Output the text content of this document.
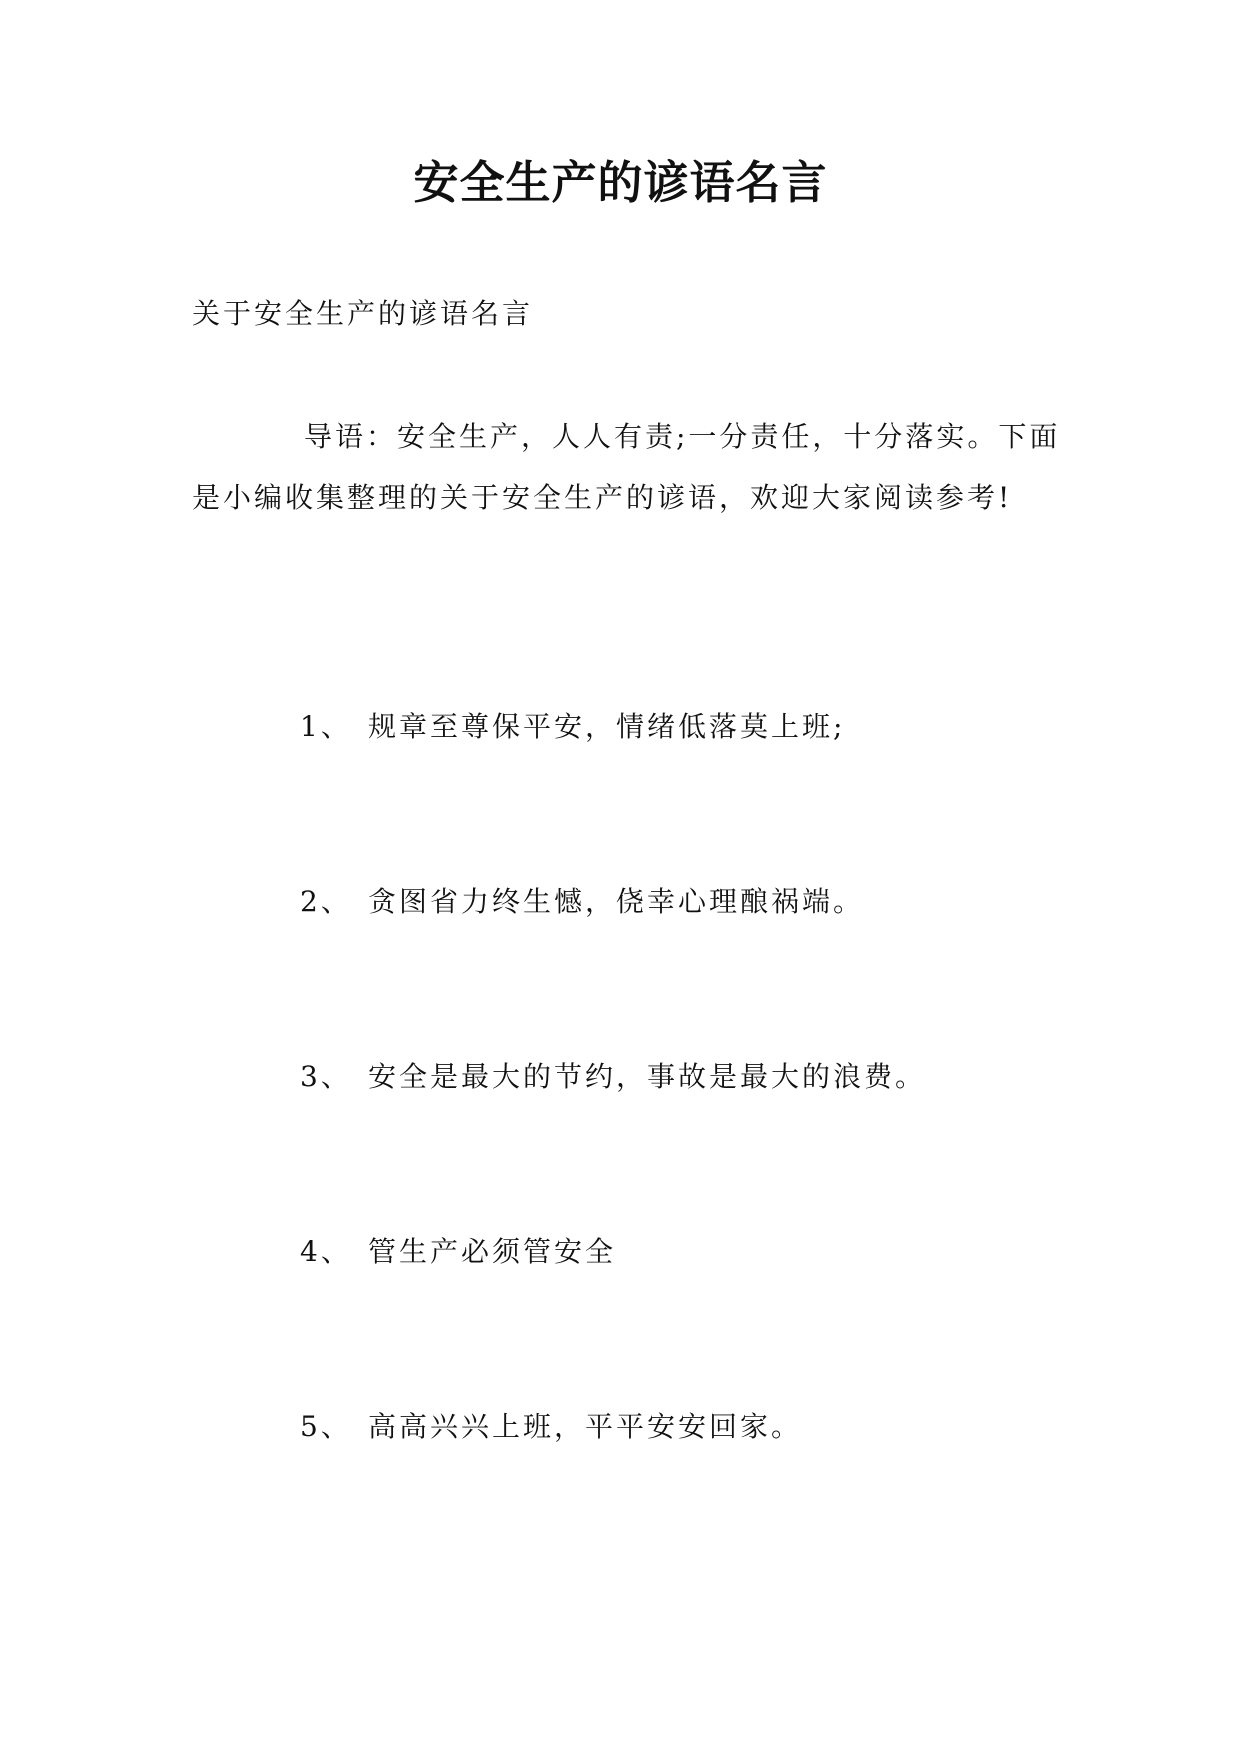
安全生产的谚语名言
关于安全生产的谚语名言

导语：安全生产，人人有责;一分责任，十分落实。下面是小编收集整理的关于安全生产的谚语，欢迎大家阅读参考!

1、 规章至尊保平安，情绪低落莫上班;
2、 贪图省力终生憾，侥幸心理酿祸端。
3、 安全是最大的节约，事故是最大的浪费。
4、 管生产必须管安全
5、 高高兴兴上班，平平安安回家。
